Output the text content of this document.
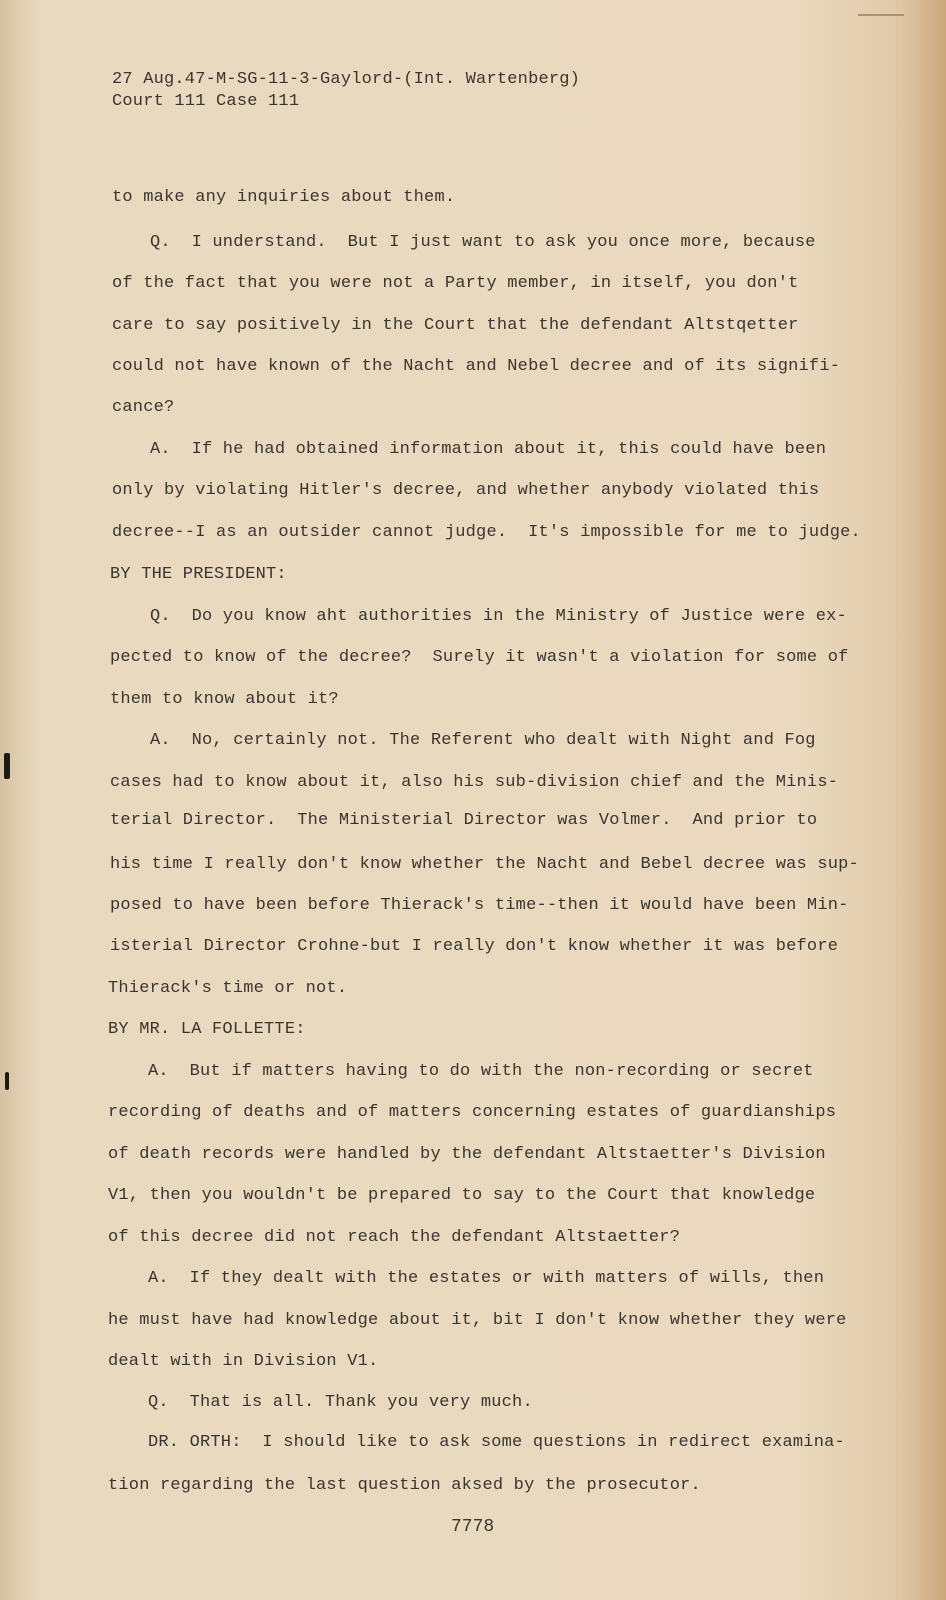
27 Aug.47-M-SG-11-3-Gaylord-(Int. Wartenberg)
Court 111 Case 111
to make any inquiries about them.
Q.  I understand.  But I just want to ask you once more, because
of the fact that you were not a Party member, in itself, you don't
care to say positively in the Court that the defendant Altstqetter
could not have known of the Nacht and Nebel decree and of its signifi-
cance?
A.  If he had obtained information about it, this could have been
only by violating Hitler's decree, and whether anybody violated this
decree--I as an outsider cannot judge.  It's impossible for me to judge.
BY THE PRESIDENT:
Q.  Do you know aht authorities in the Ministry of Justice were ex-
pected to know of the decree?  Surely it wasn't a violation for some of
them to know about it?
A.  No, certainly not. The Referent who dealt with Night and Fog
cases had to know about it, also his sub-division chief and the Minis-
terial Director.  The Ministerial Director was Volmer.  And prior to
his time I really don't know whether the Nacht and Bebel decree was sup-
posed to have been before Thierack's time--then it would have been Min-
isterial Director Crohne-but I really don't know whether it was before
Thierack's time or not.
BY MR. LA FOLLETTE:
A.  But if matters having to do with the non-recording or secret
recording of deaths and of matters concerning estates of guardianships
of death records were handled by the defendant Altstaetter's Division
V1, then you wouldn't be prepared to say to the Court that knowledge
of this decree did not reach the defendant Altstaetter?
A.  If they dealt with the estates or with matters of wills, then
he must have had knowledge about it, bit I don't know whether they were
dealt with in Division V1.
Q.  That is all. Thank you very much.
DR. ORTH:  I should like to ask some questions in redirect examina-
tion regarding the last question aksed by the prosecutor.
7778
